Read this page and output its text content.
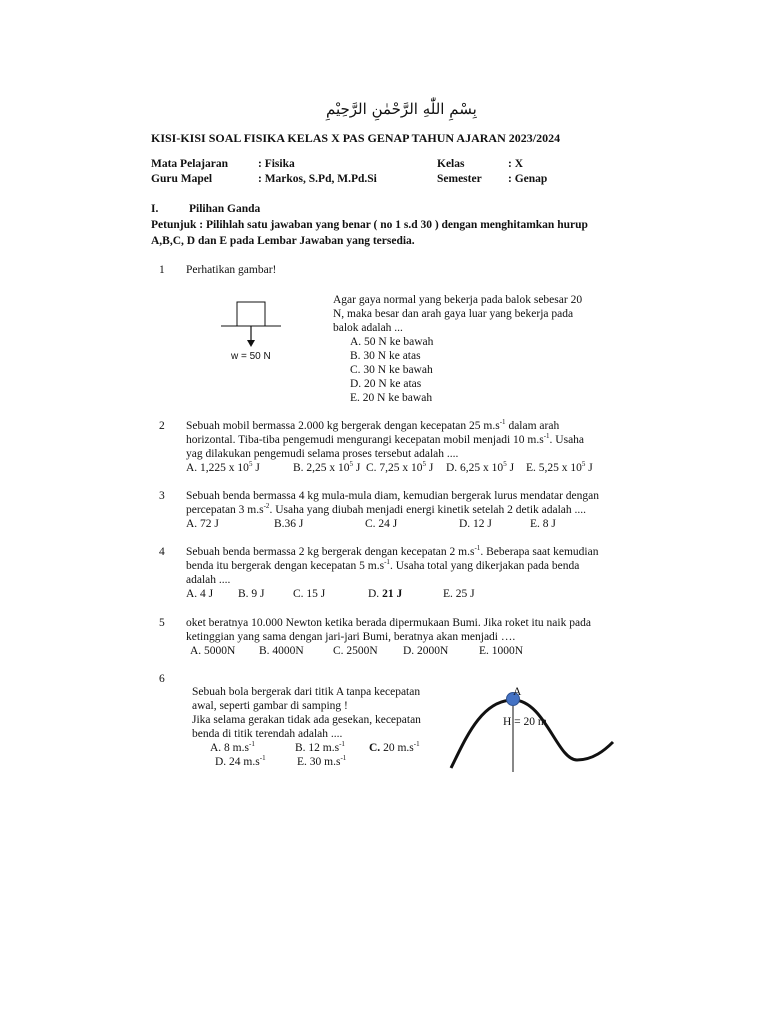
بِسْمِ اللّٰهِ الرَّحْمٰنِ الرَّحِيْمِ
KISI-KISI SOAL FISIKA KELAS X PAS GENAP TAHUN AJARAN 2023/2024
Mata Pelajaran	: Fisika	Kelas	: X
Guru Mapel	: Markos, S.Pd, M.Pd.Si	Semester : Genap
I.	Pilihan Ganda
Petunjuk : Pilihlah satu jawaban yang benar ( no 1 s.d 30 ) dengan menghitamkan hurup
A,B,C, D dan E pada Lembar Jawaban yang tersedia.
1 Perhatikan gambar!
w = 50 N
Agar gaya normal yang bekerja pada balok sebesar 20
N, maka besar dan arah gaya luar yang bekerja pada
balok adalah ...
A. 50 N ke bawah
B. 30 N ke atas
C. 30 N ke bawah
D. 20 N ke atas
E. 20 N ke bawah
2 Sebuah mobil bermassa 2.000 kg bergerak dengan kecepatan 25 $m.s^{-1}$ dalam arah
horizontal. Tiba-tiba pengemudi mengurangi kecepatan mobil menjadi 10 $m.s^{-1}$. Usaha
yag dilakukan pengemudi selama proses tersebut adalah ....
A. 1,225 x $10^5$ J	B. 2,25 x $10^5$ J C. 7,25 x $10^5$ J D. 6,25 x $10^5$ J E. 5,25 x $10^5$ J
3 Sebuah benda bermassa 4 kg mula-mula diam, kemudian bergerak lurus mendatar dengan
percepatan 3 $m.s^{-2}$. Usaha yang diubah menjadi energi kinetik setelah 2 detik adalah ....
A. 72 J	B.36 J	C. 24 J	D. 12 J	E. 8 J
4 Sebuah benda bermassa 2 kg bergerak dengan kecepatan 2 $m.s^{-1}$. Beberapa saat kemudian
benda itu bergerak dengan kecepatan 5 $m.s^{-1}$. Usaha total yang dikerjakan pada benda
adalah ....
A. 4 J B. 9 J C. 15 J	D. 21 J	E. 25 J
5 oket beratnya 10.000 Newton ketika berada dipermukaan Bumi. Jika roket itu naik pada
ketinggian yang sama dengan jari-jari Bumi, beratnya akan menjadi ….
A. 5000N B. 4000N	C. 2500N D. 2000N	E. 1000N
6
Sebuah bola bergerak dari titik A tanpa kecepatan
awal, seperti gambar di samping !
Jika selama gerakan tidak ada gesekan, kecepatan
benda di titik terendah adalah ....
A. 8 $m.s^{-1}$	B. 12 $m.s^{-1}$ C. 20 $m.s^{-1}$
D. 24 $m.s^{-1}$	E. 30 $m.s^{-1}$
A
H = 20 m
